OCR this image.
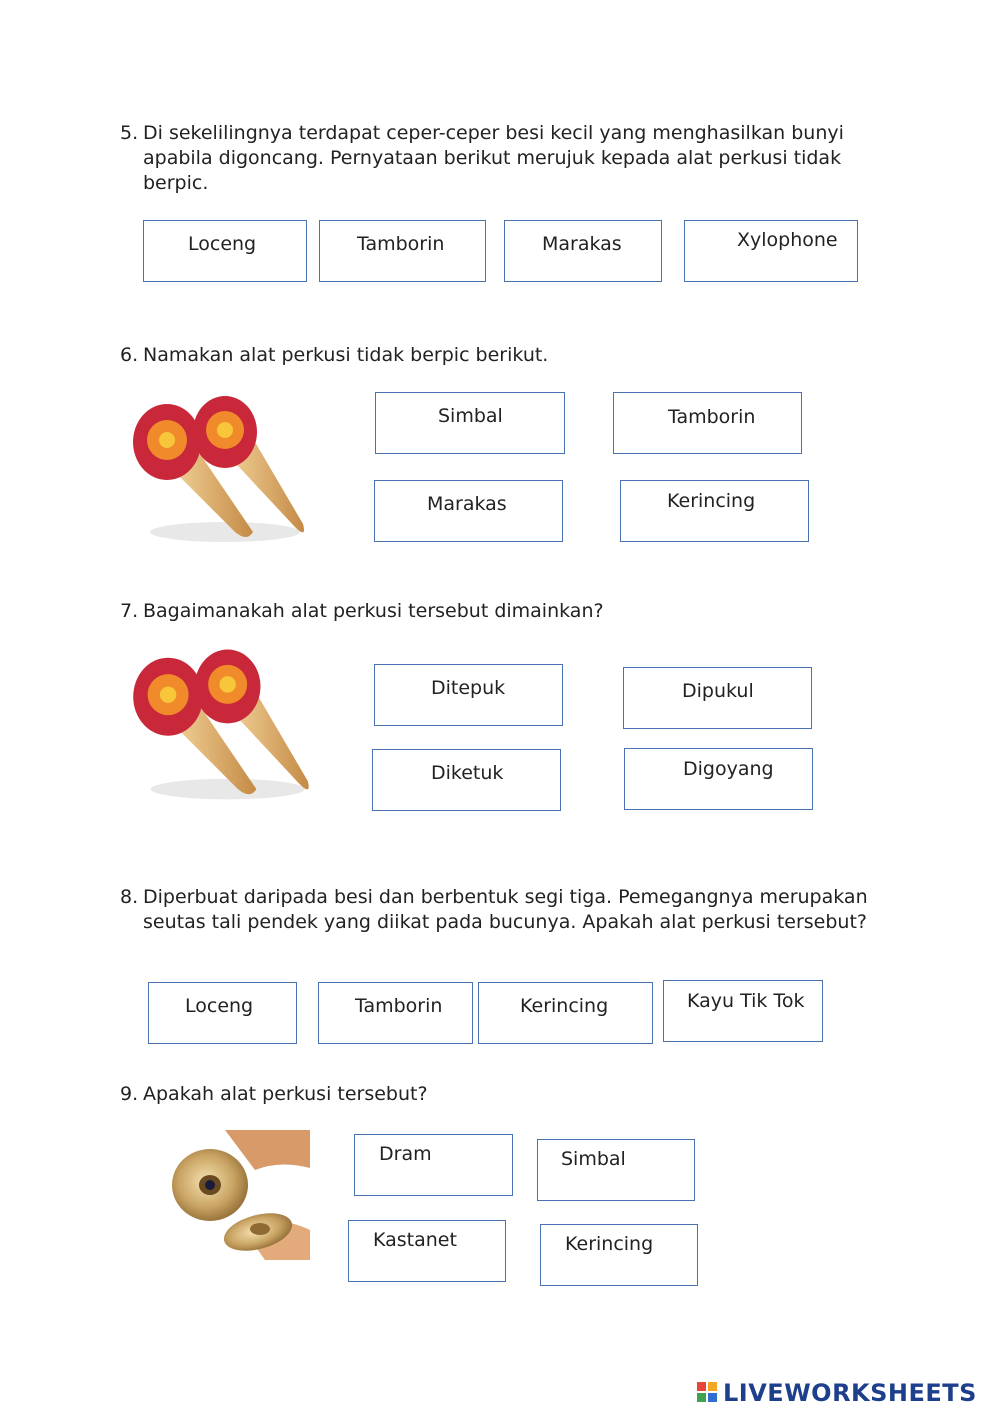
5. Di sekelilingnya terdapat ceper-ceper besi kecil yang menghasilkan bunyi apabila digoncang. Pernyataan berikut merujuk kepada alat perkusi tidak berpic.
Loceng	Tamborin	Marakas	Xylophone
6. Namakan alat perkusi tidak berpic berikut.
Simbal	Tamborin
Marakas	Kerincing
7. Bagaimanakah alat perkusi tersebut dimainkan?
Ditepuk	Dipukul
Diketuk	Digoyang
8. Diperbuat daripada besi dan berbentuk segi tiga. Pemegangnya merupakan seutas tali pendek yang diikat pada bucunya. Apakah alat perkusi tersebut?
Loceng	Tamborin	Kerincing	Kayu Tik Tok
9. Apakah alat perkusi tersebut?
Dram	Simbal
Kastanet	Kerincing
LIVEWORKSHEETS
